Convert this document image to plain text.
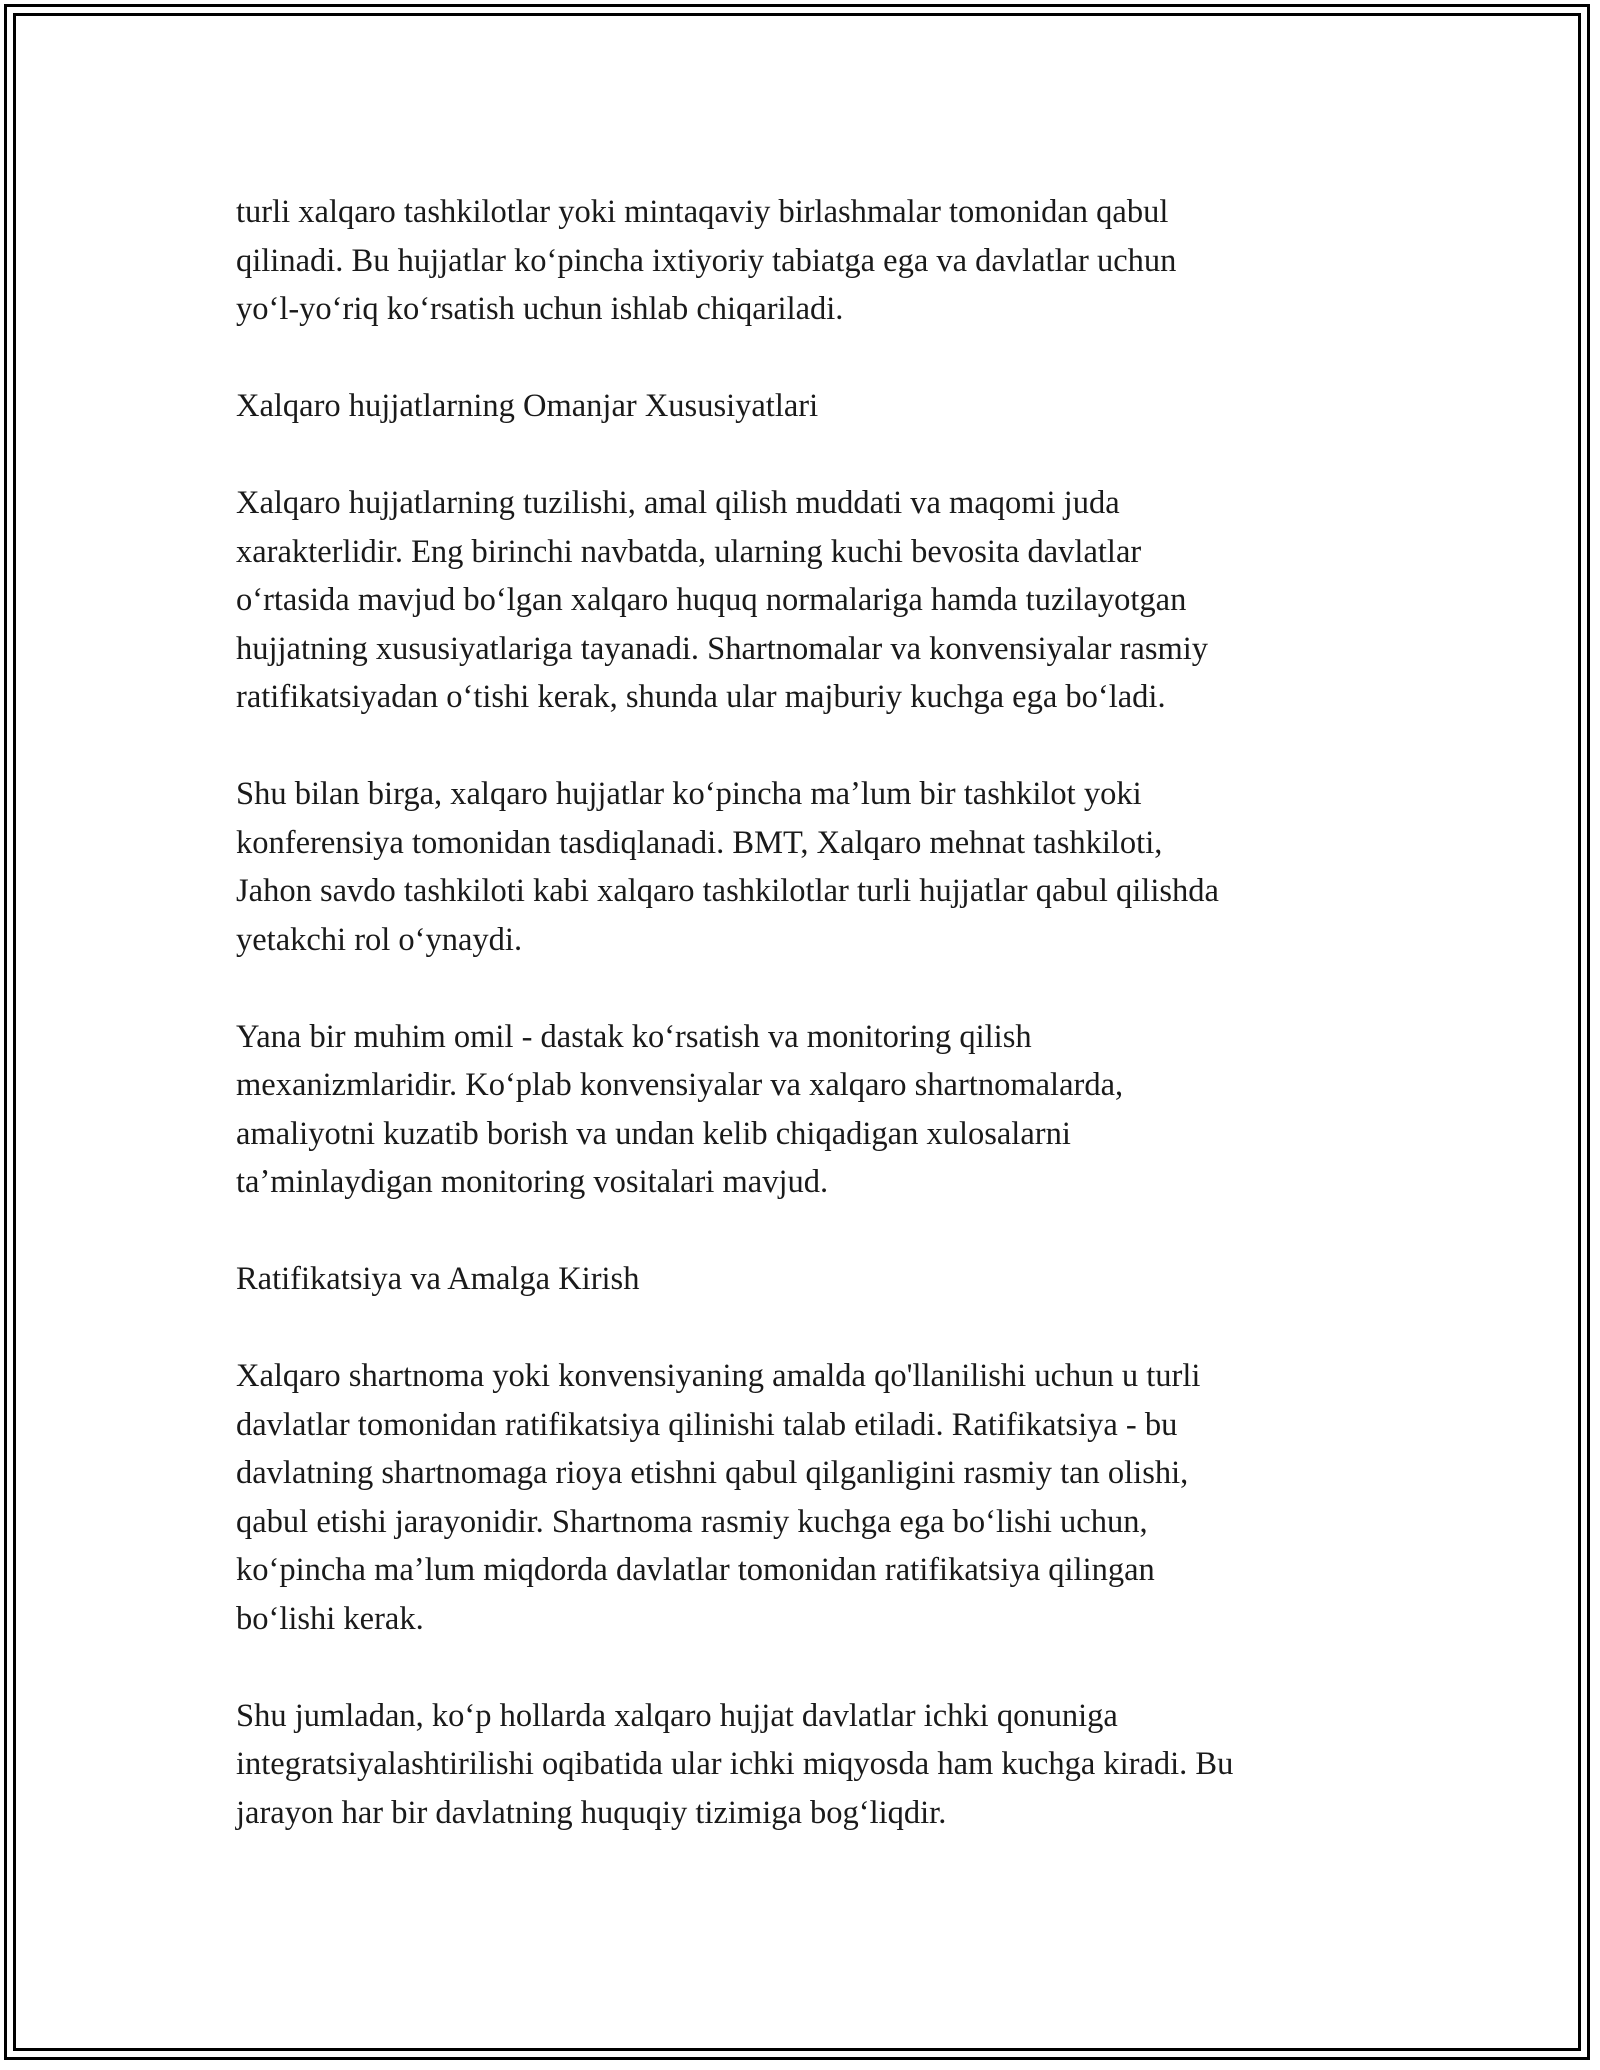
turli xalqaro tashkilotlar yoki mintaqaviy birlashmalar tomonidan qabul
qilinadi. Bu hujjatlar koʻpincha ixtiyoriy tabiatga ega va davlatlar uchun
yoʻl-yoʻriq koʻrsatish uchun ishlab chiqariladi.

Xalqaro hujjatlarning Omanjar Xususiyatlari

Xalqaro hujjatlarning tuzilishi, amal qilish muddati va maqomi juda
xarakterlidir. Eng birinchi navbatda, ularning kuchi bevosita davlatlar
oʻrtasida mavjud boʻlgan xalqaro huquq normalariga hamda tuzilayotgan
hujjatning xususiyatlariga tayanadi. Shartnomalar va konvensiyalar rasmiy
ratifikatsiyadan oʻtishi kerak, shunda ular majburiy kuchga ega boʻladi.

Shu bilan birga, xalqaro hujjatlar koʻpincha maʼlum bir tashkilot yoki
konferensiya tomonidan tasdiqlanadi. BMT, Xalqaro mehnat tashkiloti,
Jahon savdo tashkiloti kabi xalqaro tashkilotlar turli hujjatlar qabul qilishda
yetakchi rol oʻynaydi.

Yana bir muhim omil - dastak koʻrsatish va monitoring qilish
mexanizmlaridir. Koʻplab konvensiyalar va xalqaro shartnomalarda,
amaliyotni kuzatib borish va undan kelib chiqadigan xulosalarni
taʼminlaydigan monitoring vositalari mavjud.

Ratifikatsiya va Amalga Kirish

Xalqaro shartnoma yoki konvensiyaning amalda qo'llanilishi uchun u turli
davlatlar tomonidan ratifikatsiya qilinishi talab etiladi. Ratifikatsiya - bu
davlatning shartnomaga rioya etishni qabul qilganligini rasmiy tan olishi,
qabul etishi jarayonidir. Shartnoma rasmiy kuchga ega boʻlishi uchun,
koʻpincha maʼlum miqdorda davlatlar tomonidan ratifikatsiya qilingan
boʻlishi kerak.

Shu jumladan, koʻp hollarda xalqaro hujjat davlatlar ichki qonuniga
integratsiyalashtirilishi oqibatida ular ichki miqyosda ham kuchga kiradi. Bu
jarayon har bir davlatning huquqiy tizimiga bogʻliqdir.
